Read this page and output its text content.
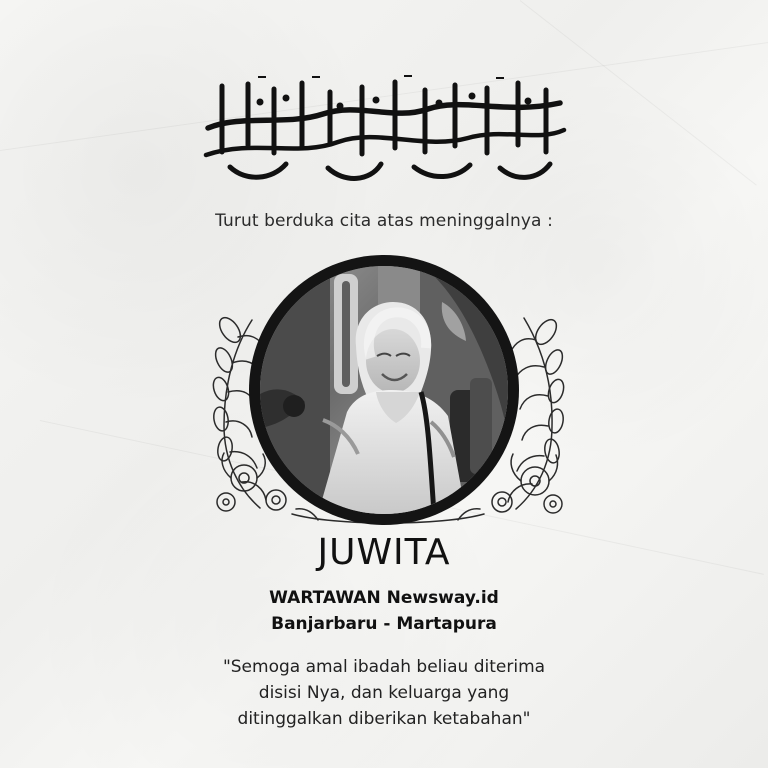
Turut berduka cita atas meninggalnya :
JUWITA
WARTAWAN Newsway.id
Banjarbaru - Martapura
"Semoga amal ibadah beliau diterima
disisi Nya, dan keluarga yang
ditinggalkan diberikan ketabahan"
